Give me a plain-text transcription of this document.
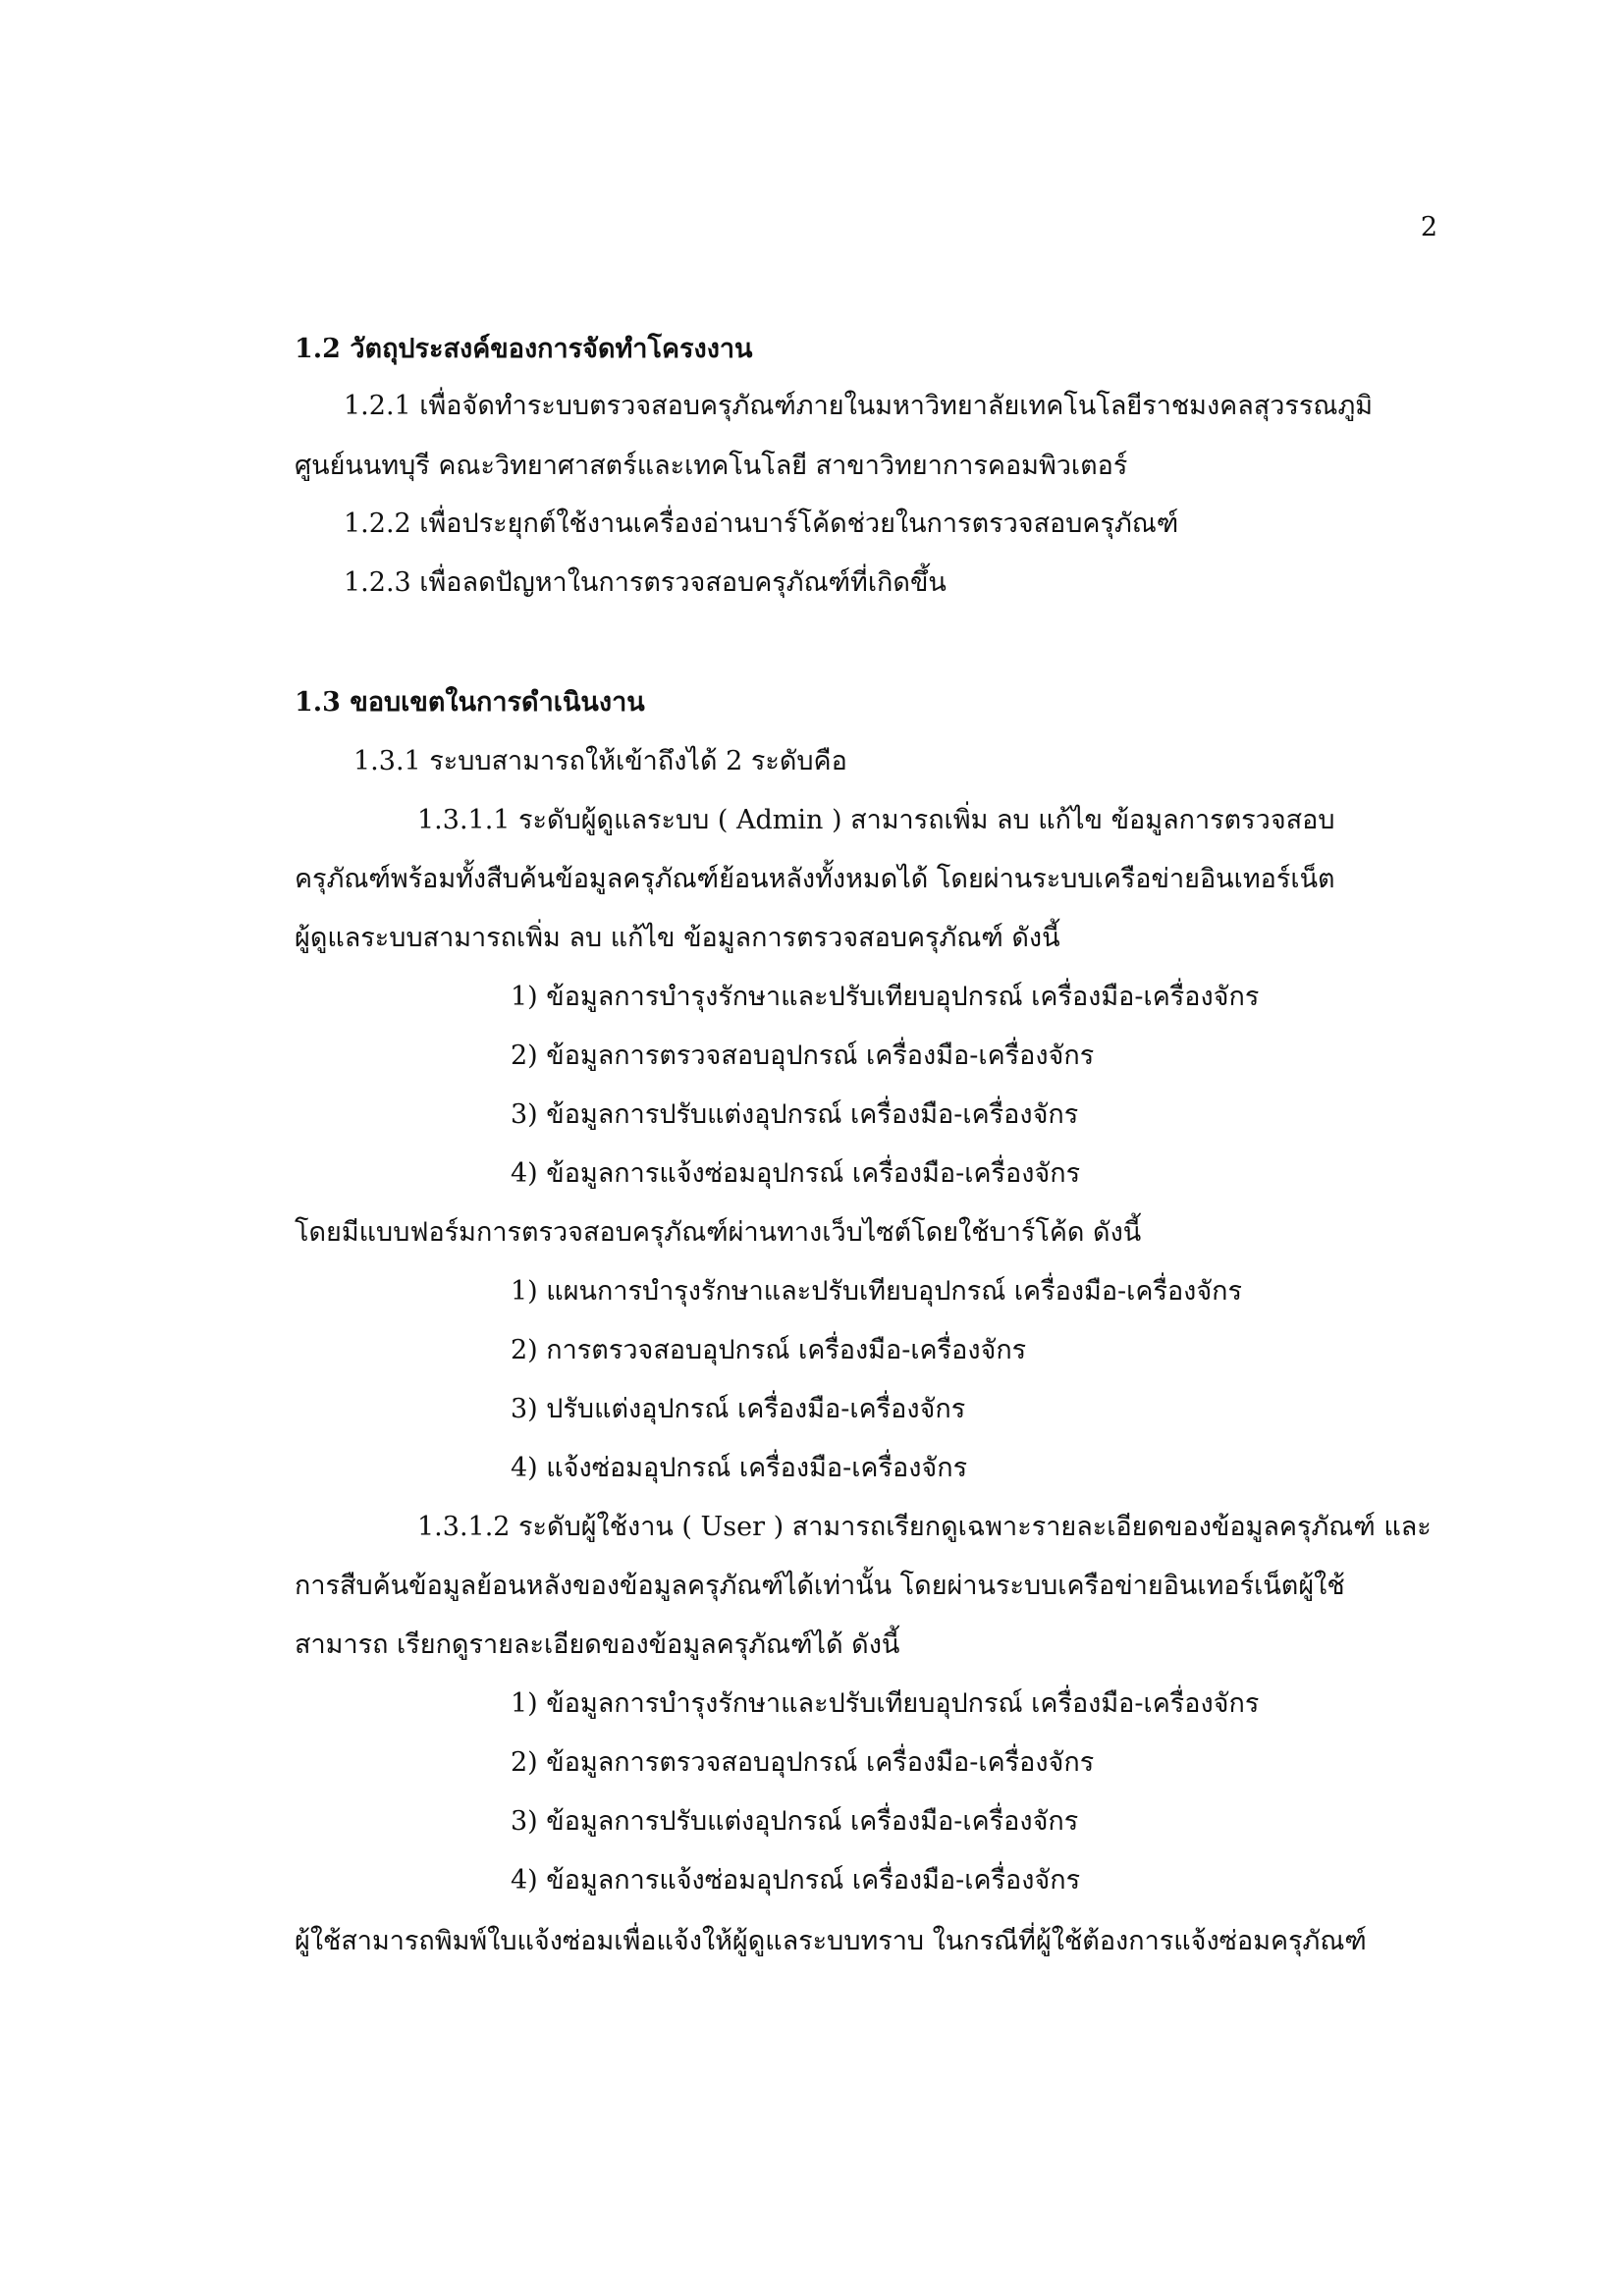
2
1.2 วัตถุประสงค์ของการจัดทำโครงงาน
1.2.1 เพื่อจัดทำระบบตรวจสอบครุภัณฑ์ภายในมหาวิทยาลัยเทคโนโลยีราชมงคลสุวรรณภูมิ
ศูนย์นนทบุรี คณะวิทยาศาสตร์และเทคโนโลยี สาขาวิทยาการคอมพิวเตอร์
1.2.2 เพื่อประยุกต์ใช้งานเครื่องอ่านบาร์โค้ดช่วยในการตรวจสอบครุภัณฑ์
1.2.3 เพื่อลดปัญหาในการตรวจสอบครุภัณฑ์ที่เกิดขึ้น
1.3 ขอบเขตในการดำเนินงาน
1.3.1 ระบบสามารถให้เข้าถึงได้ 2 ระดับคือ
1.3.1.1 ระดับผู้ดูแลระบบ ( Admin ) สามารถเพิ่ม ลบ แก้ไข ข้อมูลการตรวจสอบ
ครุภัณฑ์พร้อมทั้งสืบค้นข้อมูลครุภัณฑ์ย้อนหลังทั้งหมดได้ โดยผ่านระบบเครือข่ายอินเทอร์เน็ต
ผู้ดูแลระบบสามารถเพิ่ม ลบ แก้ไข ข้อมูลการตรวจสอบครุภัณฑ์ ดังนี้
1) ข้อมูลการบำรุงรักษาและปรับเทียบอุปกรณ์ เครื่องมือ-เครื่องจักร
2) ข้อมูลการตรวจสอบอุปกรณ์ เครื่องมือ-เครื่องจักร
3) ข้อมูลการปรับแต่งอุปกรณ์ เครื่องมือ-เครื่องจักร
4) ข้อมูลการแจ้งซ่อมอุปกรณ์ เครื่องมือ-เครื่องจักร
โดยมีแบบฟอร์มการตรวจสอบครุภัณฑ์ผ่านทางเว็บไซต์โดยใช้บาร์โค้ด ดังนี้
1) แผนการบำรุงรักษาและปรับเทียบอุปกรณ์ เครื่องมือ-เครื่องจักร
2) การตรวจสอบอุปกรณ์ เครื่องมือ-เครื่องจักร
3) ปรับแต่งอุปกรณ์ เครื่องมือ-เครื่องจักร
4) แจ้งซ่อมอุปกรณ์ เครื่องมือ-เครื่องจักร
1.3.1.2 ระดับผู้ใช้งาน ( User ) สามารถเรียกดูเฉพาะรายละเอียดของข้อมูลครุภัณฑ์ และ
การสืบค้นข้อมูลย้อนหลังของข้อมูลครุภัณฑ์ได้เท่านั้น โดยผ่านระบบเครือข่ายอินเทอร์เน็ตผู้ใช้
สามารถ เรียกดูรายละเอียดของข้อมูลครุภัณฑ์ได้ ดังนี้
1) ข้อมูลการบำรุงรักษาและปรับเทียบอุปกรณ์ เครื่องมือ-เครื่องจักร
2) ข้อมูลการตรวจสอบอุปกรณ์ เครื่องมือ-เครื่องจักร
3) ข้อมูลการปรับแต่งอุปกรณ์ เครื่องมือ-เครื่องจักร
4) ข้อมูลการแจ้งซ่อมอุปกรณ์ เครื่องมือ-เครื่องจักร
ผู้ใช้สามารถพิมพ์ใบแจ้งซ่อมเพื่อแจ้งให้ผู้ดูแลระบบทราบ ในกรณีที่ผู้ใช้ต้องการแจ้งซ่อมครุภัณฑ์
